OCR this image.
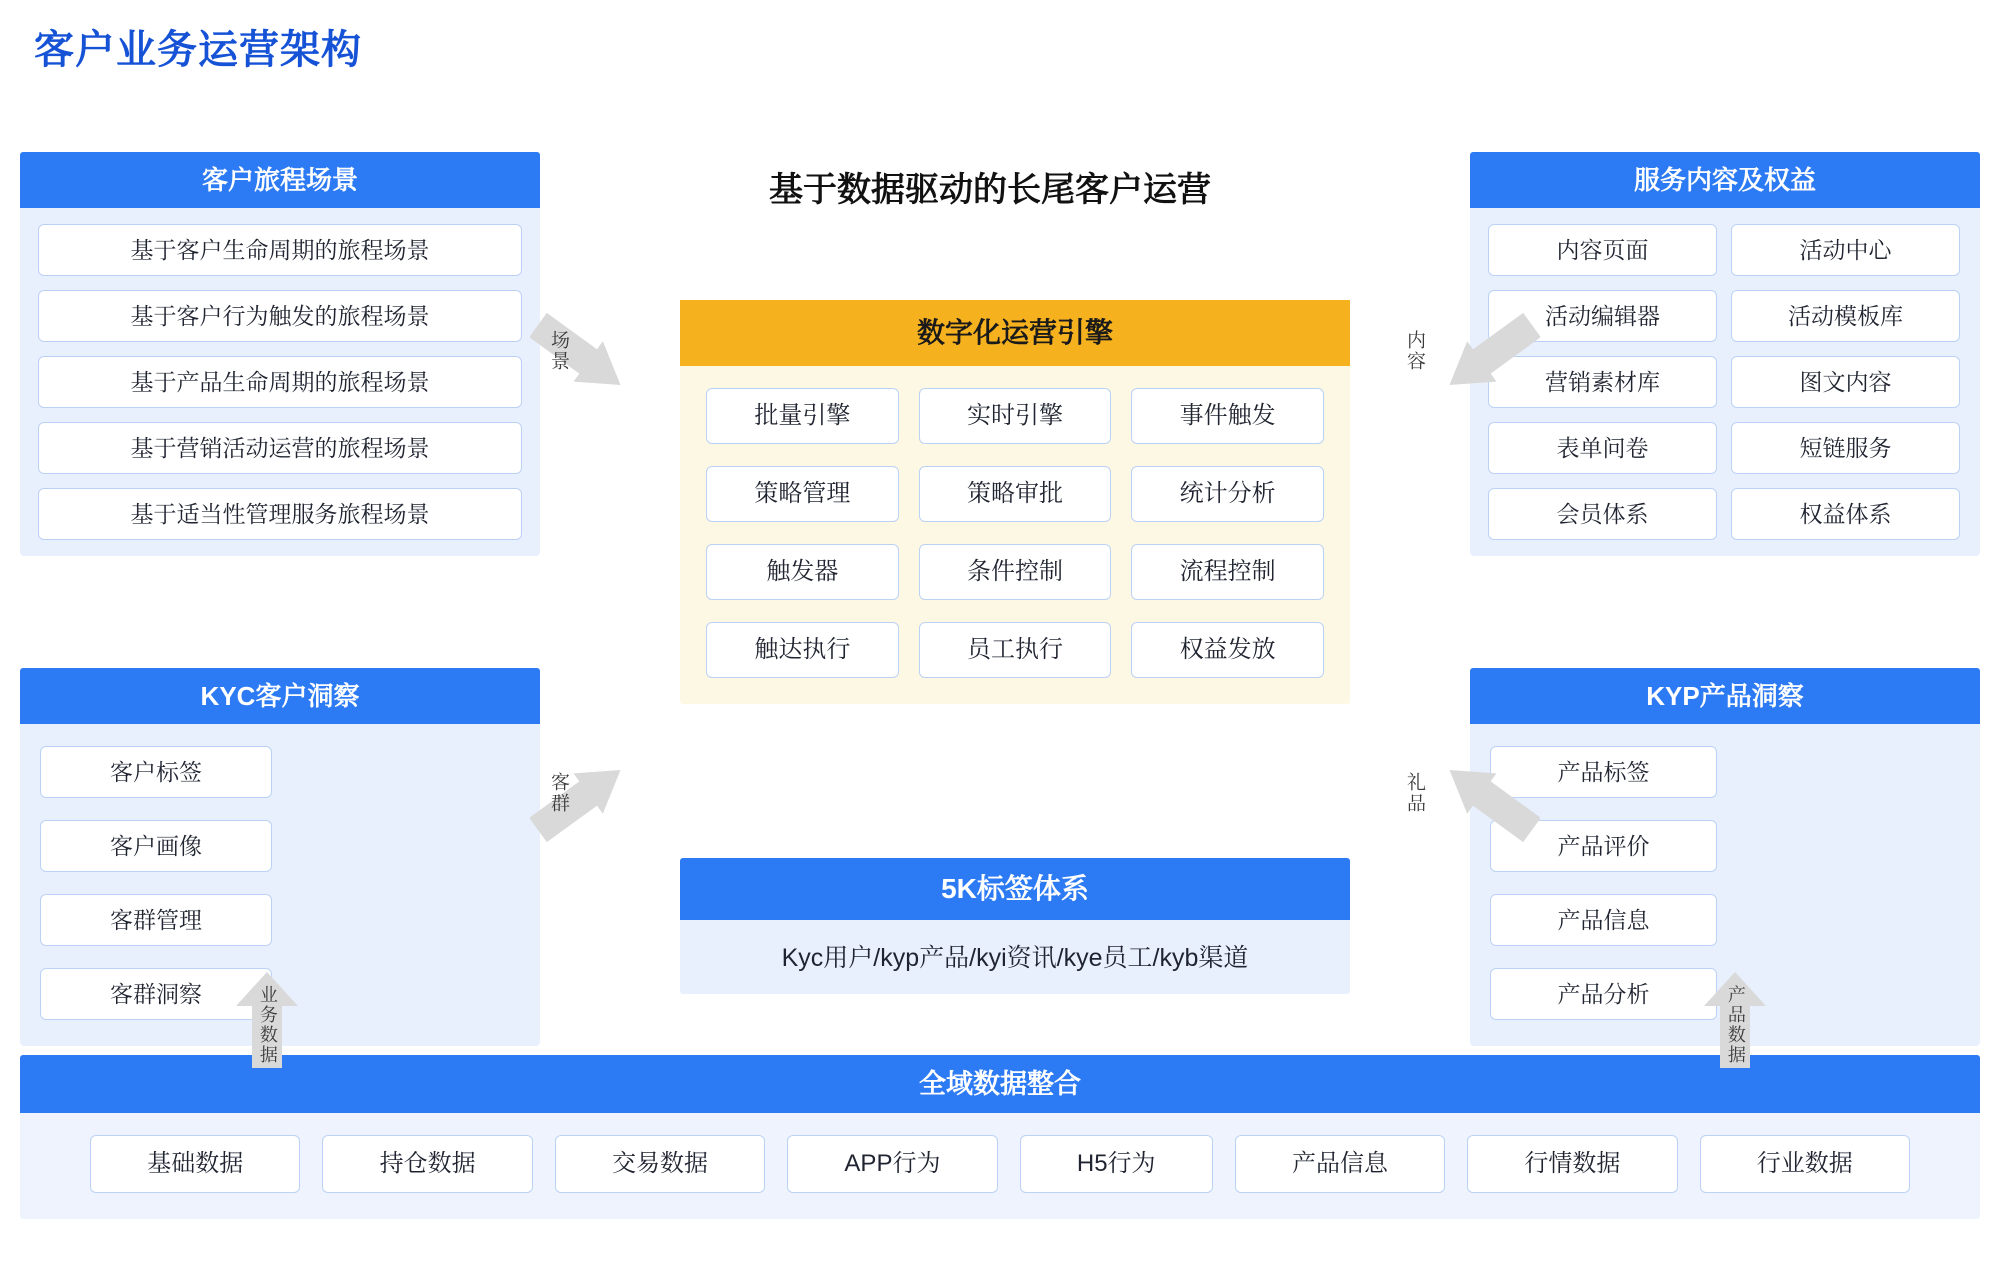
客户业务运营架构
客户旅程场景
基于客户生命周期的旅程场景
基于客户行为触发的旅程场景
基于产品生命周期的旅程场景
基于营销活动运营的旅程场景
基于适当性管理服务旅程场景
KYC客户洞察
客户标签
客户画像
客群管理
客群洞察
服务内容及权益
内容页面	活动中心
活动编辑器	活动模板库
营销素材库	图文内容
表单问卷	短链服务
会员体系	权益体系
KYP产品洞察
产品标签
产品评价
产品信息
产品分析
基于数据驱动的长尾客户运营
数字化运营引擎
批量引擎	实时引擎	事件触发
策略管理	策略审批	统计分析
触发器	条件控制	流程控制
触达执行	员工执行	权益发放
5K标签体系
Kyc用户/kyp产品/kyi资讯/kye员工/kyb渠道
全域数据整合
基础数据	持仓数据	交易数据	APP行为	H5行为	产品信息	行情数据	行业数据
场景	内容
客群	礼品
业务数据	产品数据
